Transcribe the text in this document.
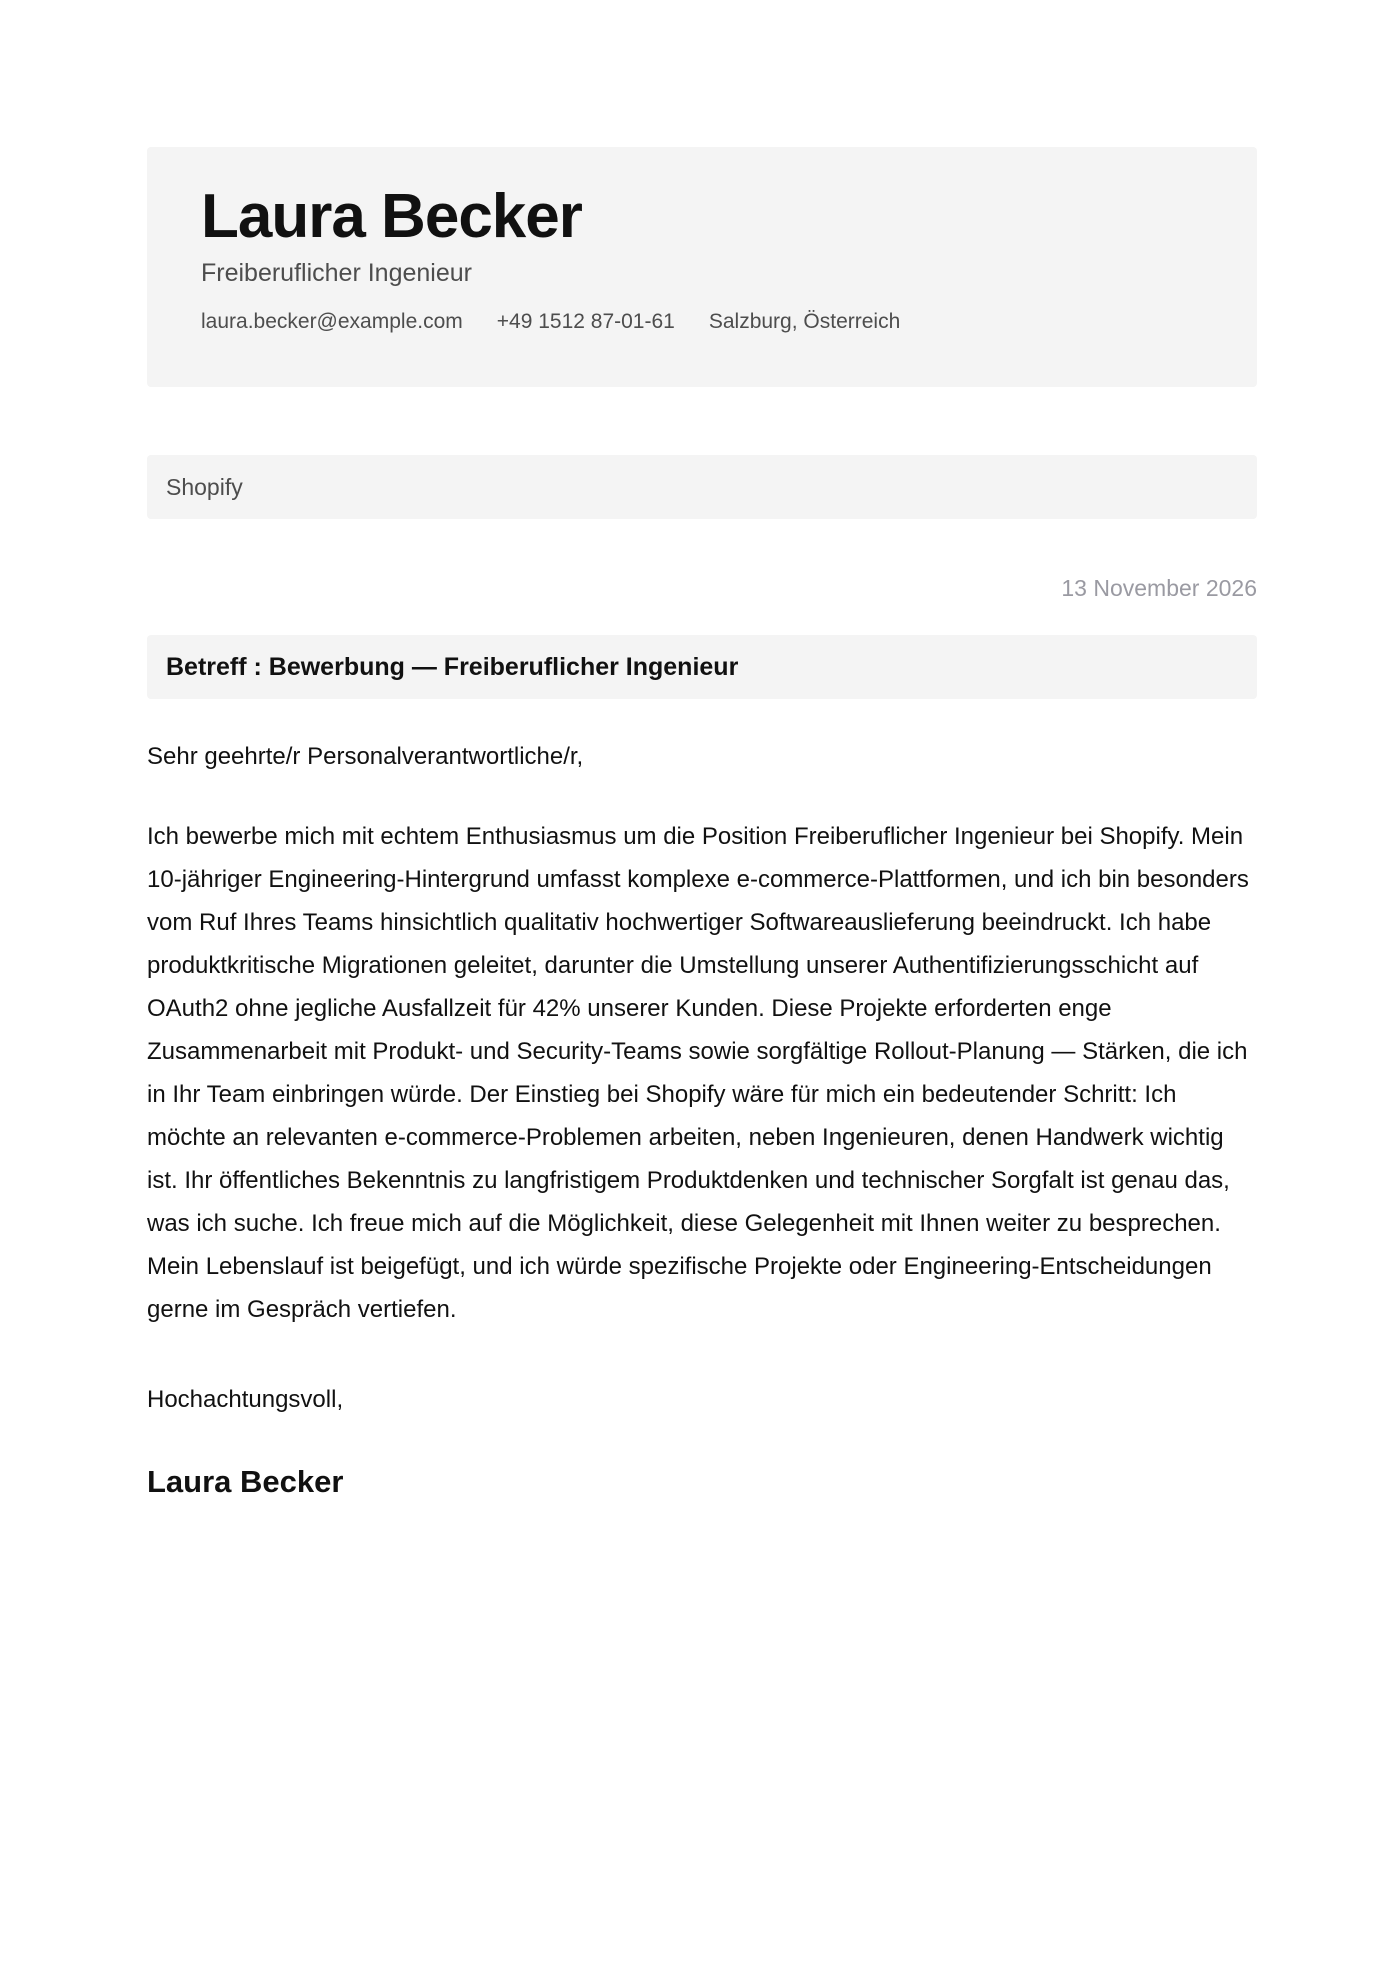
Laura Becker
Freiberuflicher Ingenieur
laura.becker@example.com +49 1512 87-01-61 Salzburg, Österreich
Shopify
13 November 2026
Betreff : Bewerbung — Freiberuflicher Ingenieur
Sehr geehrte/r Personalverantwortliche/r,
Ich bewerbe mich mit echtem Enthusiasmus um die Position Freiberuflicher Ingenieur bei Shopify. Mein 10-jähriger Engineering-Hintergrund umfasst komplexe e-commerce-Plattformen, und ich bin besonders vom Ruf Ihres Teams hinsichtlich qualitativ hochwertiger Softwareauslieferung beeindruckt. Ich habe produktkritische Migrationen geleitet, darunter die Umstellung unserer Authentifizierungsschicht auf OAuth2 ohne jegliche Ausfallzeit für 42% unserer Kunden. Diese Projekte erforderten enge Zusammenarbeit mit Produkt- und Security-Teams sowie sorgfältige Rollout-Planung — Stärken, die ich in Ihr Team einbringen würde. Der Einstieg bei Shopify wäre für mich ein bedeutender Schritt: Ich möchte an relevanten e-commerce-Problemen arbeiten, neben Ingenieuren, denen Handwerk wichtig ist. Ihr öffentliches Bekenntnis zu langfristigem Produktdenken und technischer Sorgfalt ist genau das, was ich suche. Ich freue mich auf die Möglichkeit, diese Gelegenheit mit Ihnen weiter zu besprechen. Mein Lebenslauf ist beigefügt, und ich würde spezifische Projekte oder Engineering-Entscheidungen gerne im Gespräch vertiefen.
Hochachtungsvoll,
Laura Becker
